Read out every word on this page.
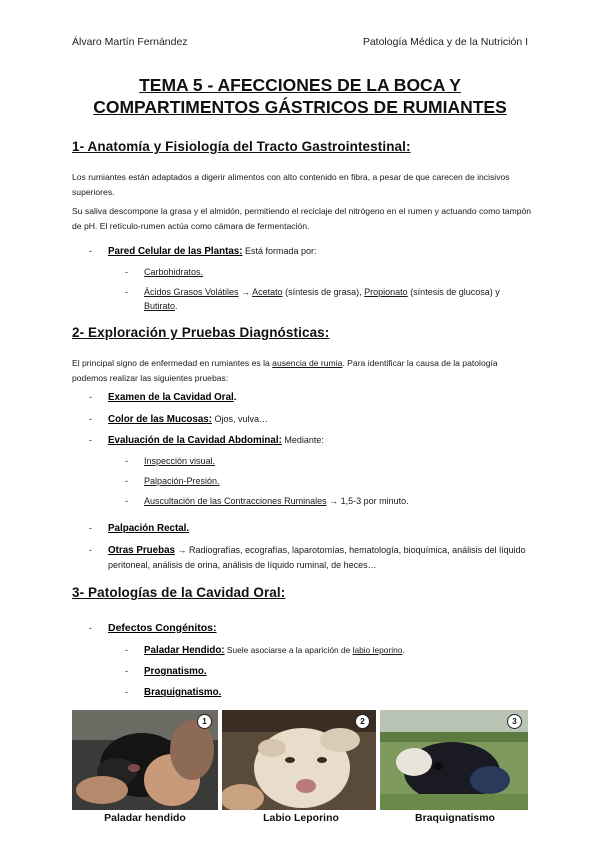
Álvaro Martín Fernández	Patología Médica y de la Nutrición I
TEMA 5 - AFECCIONES DE LA BOCA Y
COMPARTIMENTOS GÁSTRICOS DE RUMIANTES
1- Anatomía y Fisiología del Tracto Gastrointestinal:
Los rumiantes están adaptados a digerir alimentos con alto contenido en fibra, a pesar de que carecen de incisivos superiores.
Su saliva descompone la grasa y el almidón, permitiendo el reciclaje del nitrógeno en el rumen y actuando como tampón de pH. El retículo-rumen actúa como cámara de fermentación.
- Pared Celular de las Plantas: Está formada por:
- Carbohidratos.
- Ácidos Grasos Volátiles → Acetato (síntesis de grasa), Propionato (síntesis de glucosa) y Butirato.
2- Exploración y Pruebas Diagnósticas:
El principal signo de enfermedad en rumiantes es la ausencia de rumia. Para identificar la causa de la patología podemos realizar las siguientes pruebas:
- Examen de la Cavidad Oral.
- Color de las Mucosas: Ojos, vulva…
- Evaluación de la Cavidad Abdominal: Mediante:
- Inspección visual.
- Palpación-Presión.
- Auscultación de las Contracciones Ruminales → 1,5-3 por minuto.
- Palpación Rectal.
- Otras Pruebas → Radiografías, ecografías, laparotomías, hematología, bioquímica, análisis del líquido peritoneal, análisis de orina, análisis de líquido ruminal, de heces…
3- Patologías de la Cavidad Oral:
- Defectos Congénitos:
- Paladar Hendido: Suele asociarse a la aparición de labio leporino.
- Prognatismo.
- Braquignatismo.
1	2	3
Paladar hendido	Labio Leporino	Braquignatismo
